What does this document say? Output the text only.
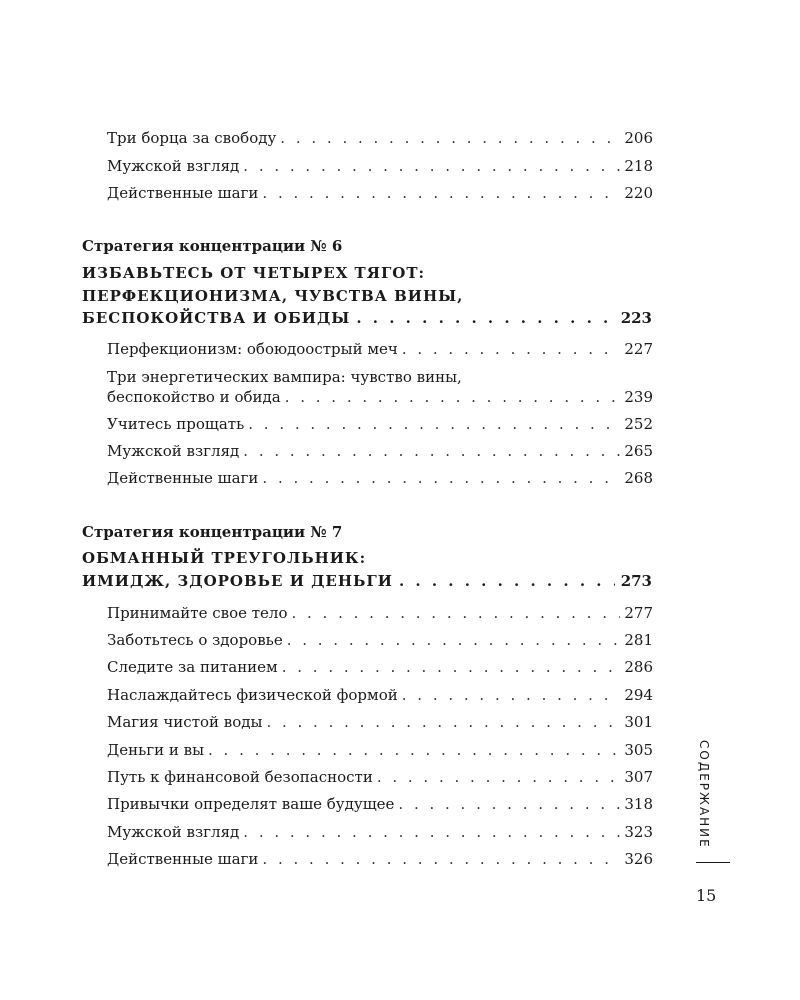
Три борца за свободу . . .	206
Мужской взгляд . . .	218
Действенные шаги . . .	220
Стратегия концентрации № 6
ИЗБАВЬТЕСЬ ОТ ЧЕТЫРЕХ ТЯГОТ:
ПЕРФЕКЦИОНИЗМА, ЧУВСТВА ВИНЫ,
БЕСПОКОЙСТВА И ОБИДЫ . . .	223
Перфекционизм: обоюдоострый меч . . .	227
Три энергетических вампира: чувство вины,
беспокойство и обида . . .	239
Учитесь прощать . . .	252
Мужской взгляд . . .	265
Действенные шаги . . .	268
Стратегия концентрации № 7
ОБМАННЫЙ ТРЕУГОЛЬНИК:
ИМИДЖ, ЗДОРОВЬЕ И ДЕНЬГИ . . .	273
Принимайте свое тело . . .	277
Заботьтесь о здоровье . . .	281
Следите за питанием . . .	286
Наслаждайтесь физической формой . . .	294
Магия чистой воды . . .	301
Деньги и вы . . .	305
Путь к финансовой безопасности . . .	307
Привычки определят ваше будущее . . .	318
Мужской взгляд . . .	323
Действенные шаги . . .	326
СОДЕРЖАНИЕ
15
